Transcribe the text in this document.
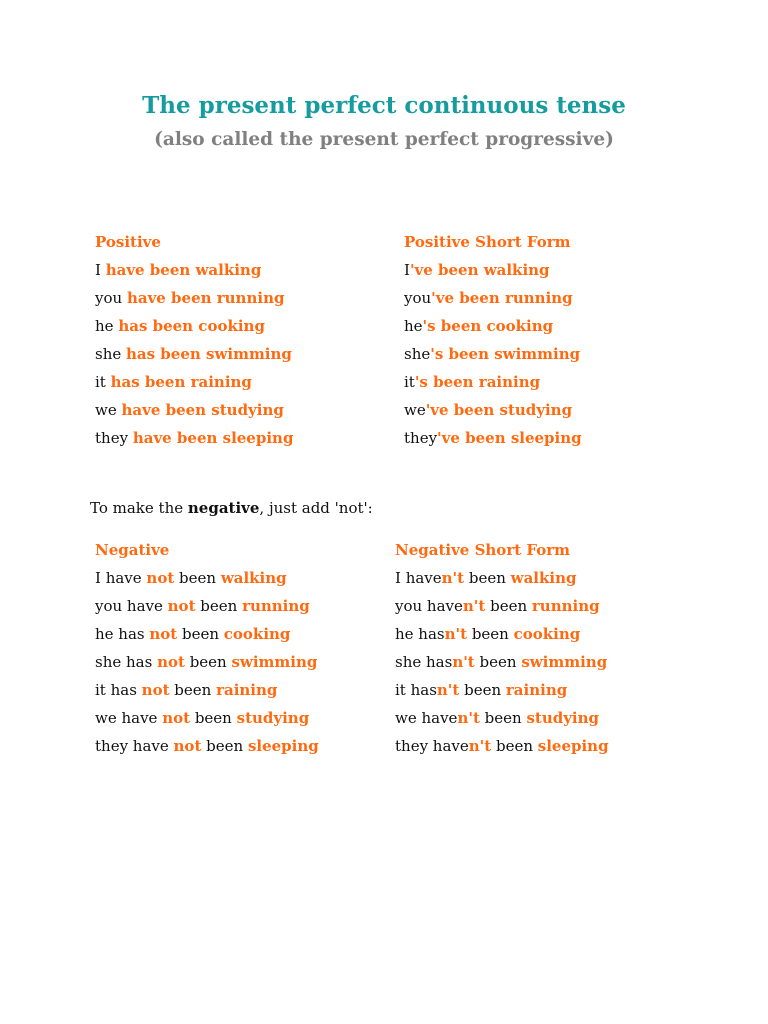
The present perfect continuous tense
(also called the present perfect progressive)
Positive
I have been walking
you have been running
he has been cooking
she has been swimming
it has been raining
we have been studying
they have been sleeping
Positive Short Form
I've been walking
you've been running
he's been cooking
she's been swimming
it's been raining
we've been studying
they've been sleeping
To make the negative, just add 'not':
Negative
I have not been walking
you have not been running
he has not been cooking
she has not been swimming
it has not been raining
we have not been studying
they have not been sleeping
Negative Short Form
I haven't been walking
you haven't been running
he hasn't been cooking
she hasn't been swimming
it hasn't been raining
we haven't been studying
they haven't been sleeping
